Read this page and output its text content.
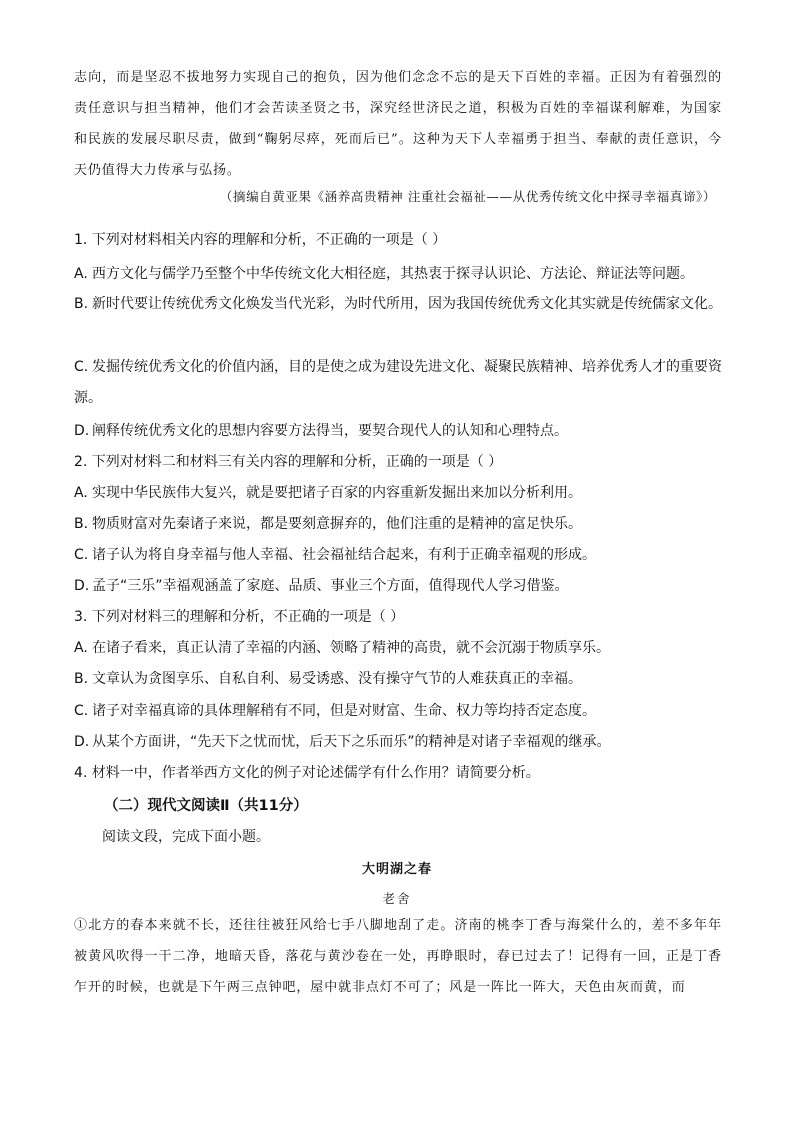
志向，而是坚忍不拔地努力实现自己的抱负，因为他们念念不忘的是天下百姓的幸福。正因为有着强烈的责任意识与担当精神，他们才会苦读圣贤之书，深究经世济民之道，积极为百姓的幸福谋利解难，为国家和民族的发展尽职尽责，做到“鞠躬尽瘁，死而后已”。这种为天下人幸福勇于担当、奉献的责任意识，今天仍值得大力传承与弘扬。

（摘编自黄亚果《涵养高贵精神 注重社会福祉——从优秀传统文化中探寻幸福真谛》）
1. 下列对材料相关内容的理解和分析，不正确的一项是（ ）
A. 西方文化与儒学乃至整个中华传统文化大相径庭，其热衷于探寻认识论、方法论、辩证法等问题。
B. 新时代要让传统优秀文化焕发当代光彩，为时代所用，因为我国传统优秀文化其实就是传统儒家文化。
C. 发掘传统优秀文化的价值内涵，目的是使之成为建设先进文化、凝聚民族精神、培养优秀人才的重要资源。
D. 阐释传统优秀文化的思想内容要方法得当，要契合现代人的认知和心理特点。
2. 下列对材料二和材料三有关内容的理解和分析，正确的一项是（ ）
A. 实现中华民族伟大复兴，就是要把诸子百家的内容重新发掘出来加以分析利用。
B. 物质财富对先秦诸子来说，都是要刻意摒弃的，他们注重的是精神的富足快乐。
C. 诸子认为将自身幸福与他人幸福、社会福祉结合起来，有利于正确幸福观的形成。
D. 孟子“三乐”幸福观涵盖了家庭、品质、事业三个方面，值得现代人学习借鉴。
3. 下列对材料三的理解和分析，不正确的一项是（ ）
A. 在诸子看来，真正认清了幸福的内涵、领略了精神的高贵，就不会沉溺于物质享乐。
B. 文章认为贪图享乐、自私自利、易受诱惑、没有操守气节的人难获真正的幸福。
C. 诸子对幸福真谛的具体理解稍有不同，但是对财富、生命、权力等均持否定态度。
D. 从某个方面讲，“先天下之忧而忧，后天下之乐而乐”的精神是对诸子幸福观的继承。
4. 材料一中，作者举西方文化的例子对论述儒学有什么作用？请简要分析。
（二）现代文阅读Ⅱ（共11分）
阅读文段，完成下面小题。
大明湖之春
老舍

①北方的春本来就不长，还往往被狂风给七手八脚地刮了走。济南的桃李丁香与海棠什么的，差不多年年被黄风吹得一干二净，地暗天昏，落花与黄沙卷在一处，再睁眼时，春已过去了！记得有一回，正是丁香乍开的时候，也就是下午两三点钟吧，屋中就非点灯不可了；风是一阵比一阵大，天色由灰而黄，而
